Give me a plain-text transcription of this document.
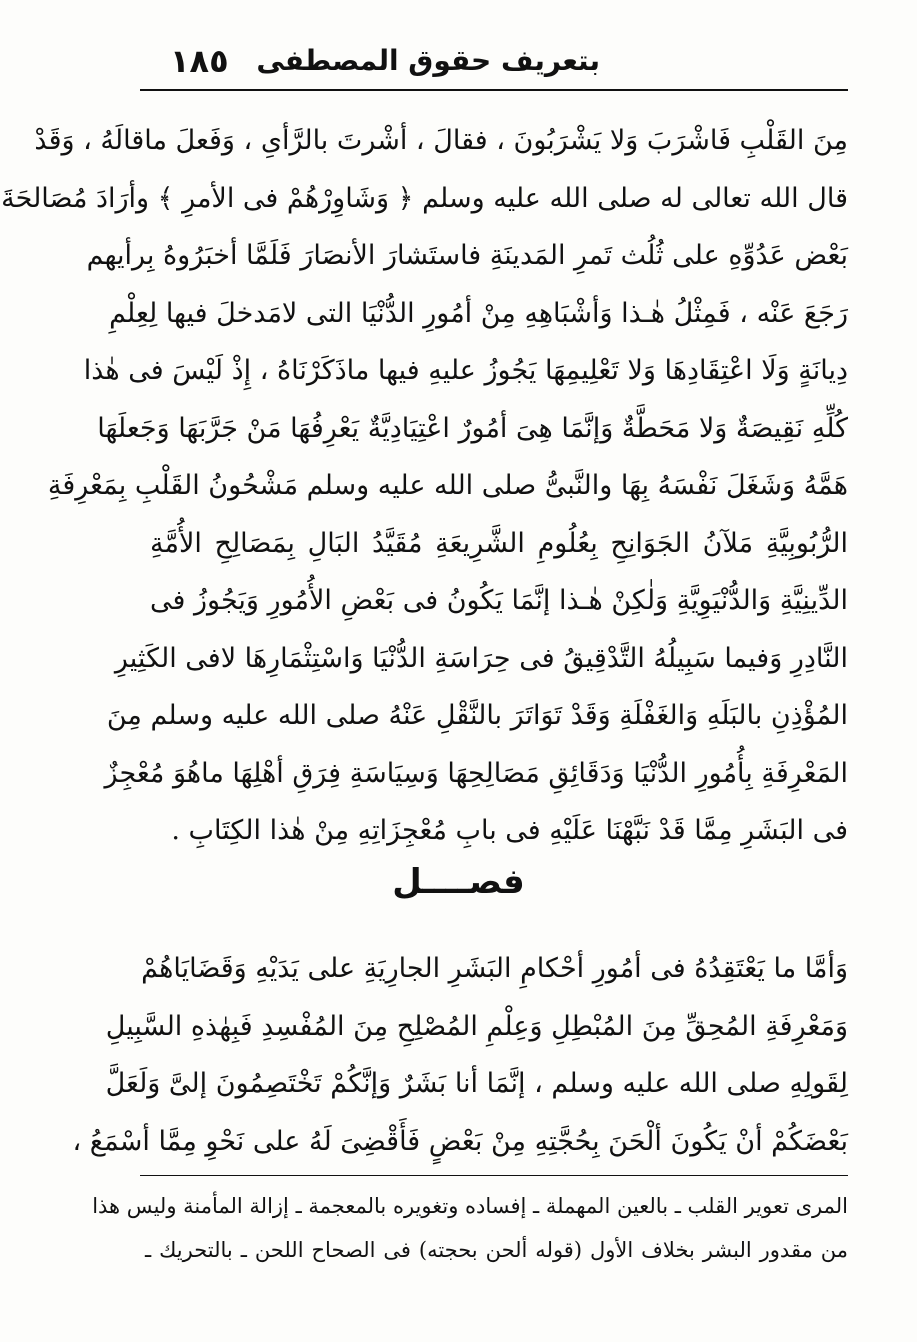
١٨٥ بتعريف حقوق المصطفى
مِنَ القَلْبِ فَاشْرَبَ وَلا يَشْرَبُونَ ، فقالَ ، أشْرتَ بالرَّأىِ ، وَفَعلَ ماقالَهُ ، وَقَدْ
قال الله تعالى له صلى الله عليه وسلم ﴿ وَشَاوِرْهُمْ فى الأمرِ ﴾ وأرَادَ مُصَالحَةَ
بَعْض عَدُوِّهِ على ثُلُث تَمرِ المَدينَةِ فاستَشارَ الأنصَارَ فَلَمَّا أخبَرُوهُ بِرأيهم
رَجَعَ عَنْه ، فَمِثْلُ هٰـذا وَأشْبَاهِهِ مِنْ أمُورِ الدُّنْيَا التى لامَدخلَ فيها لِعِلْمِ
دِيانَةٍ وَلَا اعْتِقَادِهَا وَلا تَعْلِيمِهَا يَجُوزُ عليهِ فيها ماذَكَرْنَاهُ ، إِذْ لَيْسَ فى هٰذا
كُلِّهِ نَقِيصَةٌ وَلا مَحَطَّةٌ وَإنَّمَا هِىَ أمُورٌ اعْتِيَادِيَّةٌ يَعْرِفُهَا مَنْ جَرَّبَهَا وَجَعلَهَا
هَمَّهُ وَشَغَلَ نَفْسَهُ بِهَا والنَّبىُّ صلى الله عليه وسلم مَشْحُونُ القَلْبِ بِمَعْرِفَةِ
الرُّبُوبِيَّةِ مَلآنُ الجَوَانِحِ بِعُلُومِ الشَّرِيعَةِ مُقَيَّدُ البَالِ بِمَصَالِحِ الأُمَّةِ
الدِّينِيَّةِ وَالدُّنْيَوِيَّةِ وَلٰكِنْ هٰـذا إنَّمَا يَكُونُ فى بَعْضِ الأُمُورِ وَيَجُوزُ فى
النَّادِرِ وَفيما سَبِيلُهُ التَّدْقِيقُ فى حِرَاسَةِ الدُّنْيَا وَاسْتِثْمَارِهَا لافى الكَثِيرِ
المُؤْذِنِ بالبَلَهِ وَالغَفْلَةِ وَقَدْ تَوَاتَرَ بالنَّقْلِ عَنْهُ صلى الله عليه وسلم مِنَ
المَعْرِفَةِ بِأُمُورِ الدُّنْيَا وَدَقَائِقِ مَصَالِحِهَا وَسِيَاسَةِ فِرَقِ أهْلِهَا ماهُوَ مُعْجِزٌ
فى البَشَرِ مِمَّا قَدْ نَبَّهْنَا عَلَيْهِ فى بابِ مُعْجِزَاتِهِ مِنْ هٰذا الكِتَابِ .
فصــــل
وَأمَّا ما يَعْتَقِدُهُ فى أمُورِ أحْكامِ البَشَرِ الجارِيَةِ على يَدَيْهِ وَقَضَايَاهُمْ
وَمَعْرِفَةِ المُحِقِّ مِنَ المُبْطِلِ وَعِلْمِ المُصْلِحِ مِنَ المُفْسِدِ فَبِهٰذهِ السَّبِيلِ
لِقَولِهِ صلى الله عليه وسلم ، إنَّمَا أنا بَشَرٌ وَإنَّكُمْ تَخْتَصِمُونَ إلىَّ وَلَعَلَّ
بَعْضَكُمْ أنْ يَكُونَ ألْحَنَ بِحُجَّتِهِ مِنْ بَعْضٍ فَأَقْضِىَ لَهُ على نَحْوِ مِمَّا أسْمَعُ ،
المرى تعوير القلب ـ بالعين المهملة ـ إفساده وتغويره بالمعجمة ـ إزالة المأمنة وليس هذا
من مقدور البشر بخلاف الأول (قوله ألحن بحجته) فى الصحاح اللحن ـ بالتحريك ـ
